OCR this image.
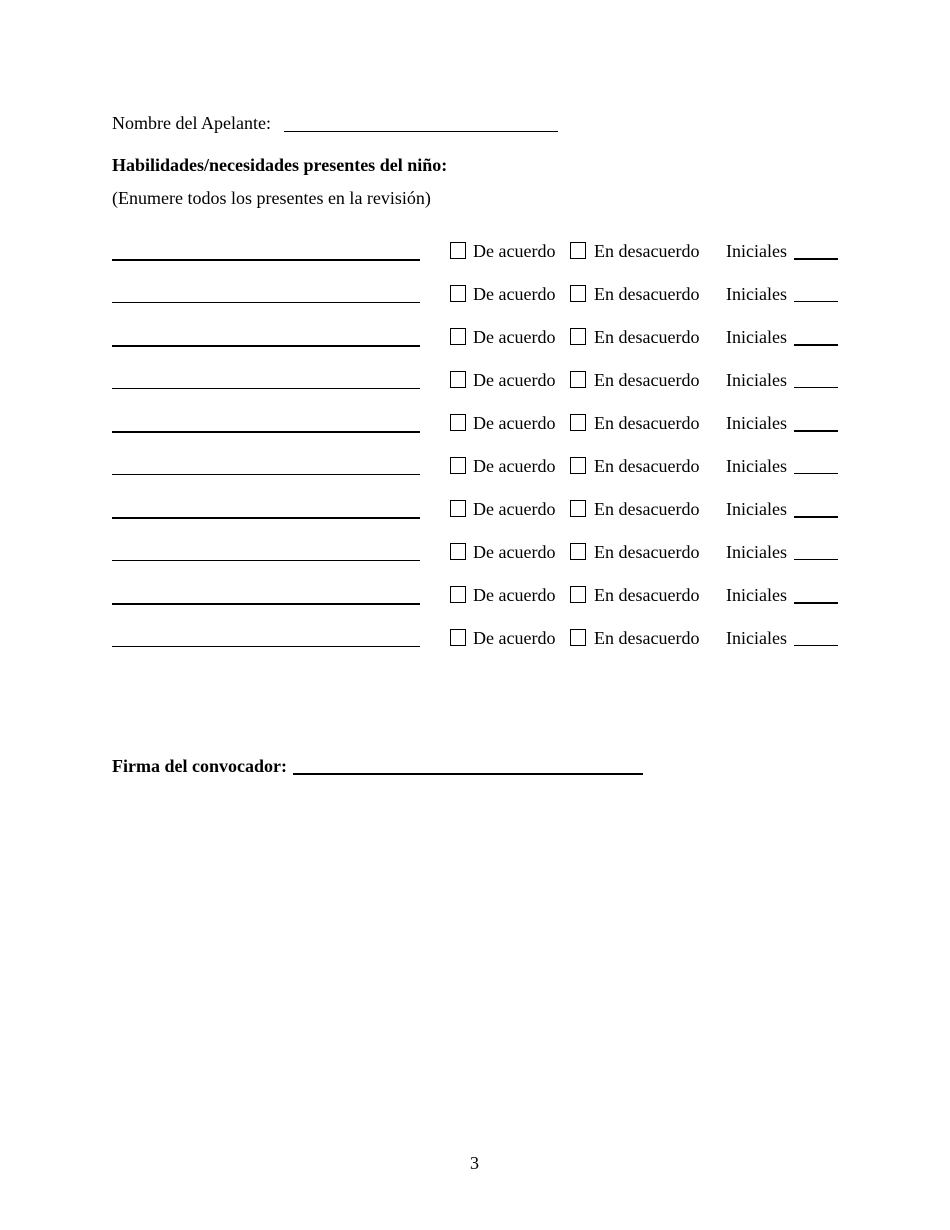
Nombre del Apelante:
Habilidades/necesidades presentes del niño:
(Enumere todos los presentes en la revisión)
De acuerdo En desacuerdo Iniciales
De acuerdo En desacuerdo Iniciales
De acuerdo En desacuerdo Iniciales
De acuerdo En desacuerdo Iniciales
De acuerdo En desacuerdo Iniciales
De acuerdo En desacuerdo Iniciales
De acuerdo En desacuerdo Iniciales
De acuerdo En desacuerdo Iniciales
De acuerdo En desacuerdo Iniciales
De acuerdo En desacuerdo Iniciales
Firma del convocador:
3
